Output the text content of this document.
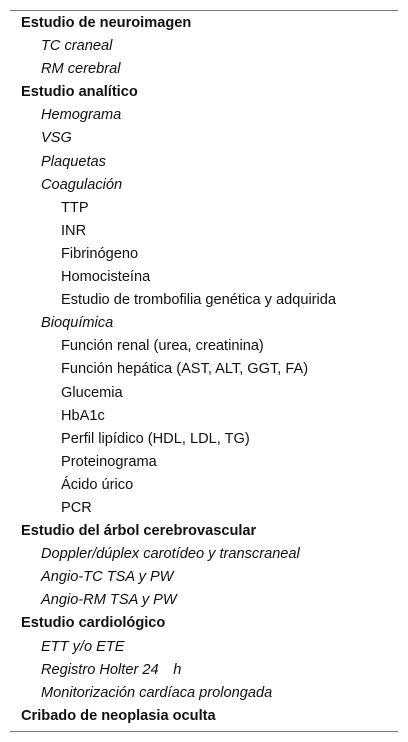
Estudio de neuroimagen
TC craneal
RM cerebral
Estudio analítico
Hemograma
VSG
Plaquetas
Coagulación
TTP
INR
Fibrinógeno
Homocisteína
Estudio de trombofilia genética y adquirida
Bioquímica
Función renal (urea, creatinina)
Función hepática (AST, ALT, GGT, FA)
Glucemia
HbA1c
Perfil lipídico (HDL, LDL, TG)
Proteinograma
Ácido úrico
PCR
Estudio del árbol cerebrovascular
Doppler/dúplex carotídeo y transcraneal
Angio-TC TSA y PW
Angio-RM TSA y PW
Estudio cardiológico
ETT y/o ETE
Registro Holter 24  h
Monitorización cardíaca prolongada
Cribado de neoplasia oculta
